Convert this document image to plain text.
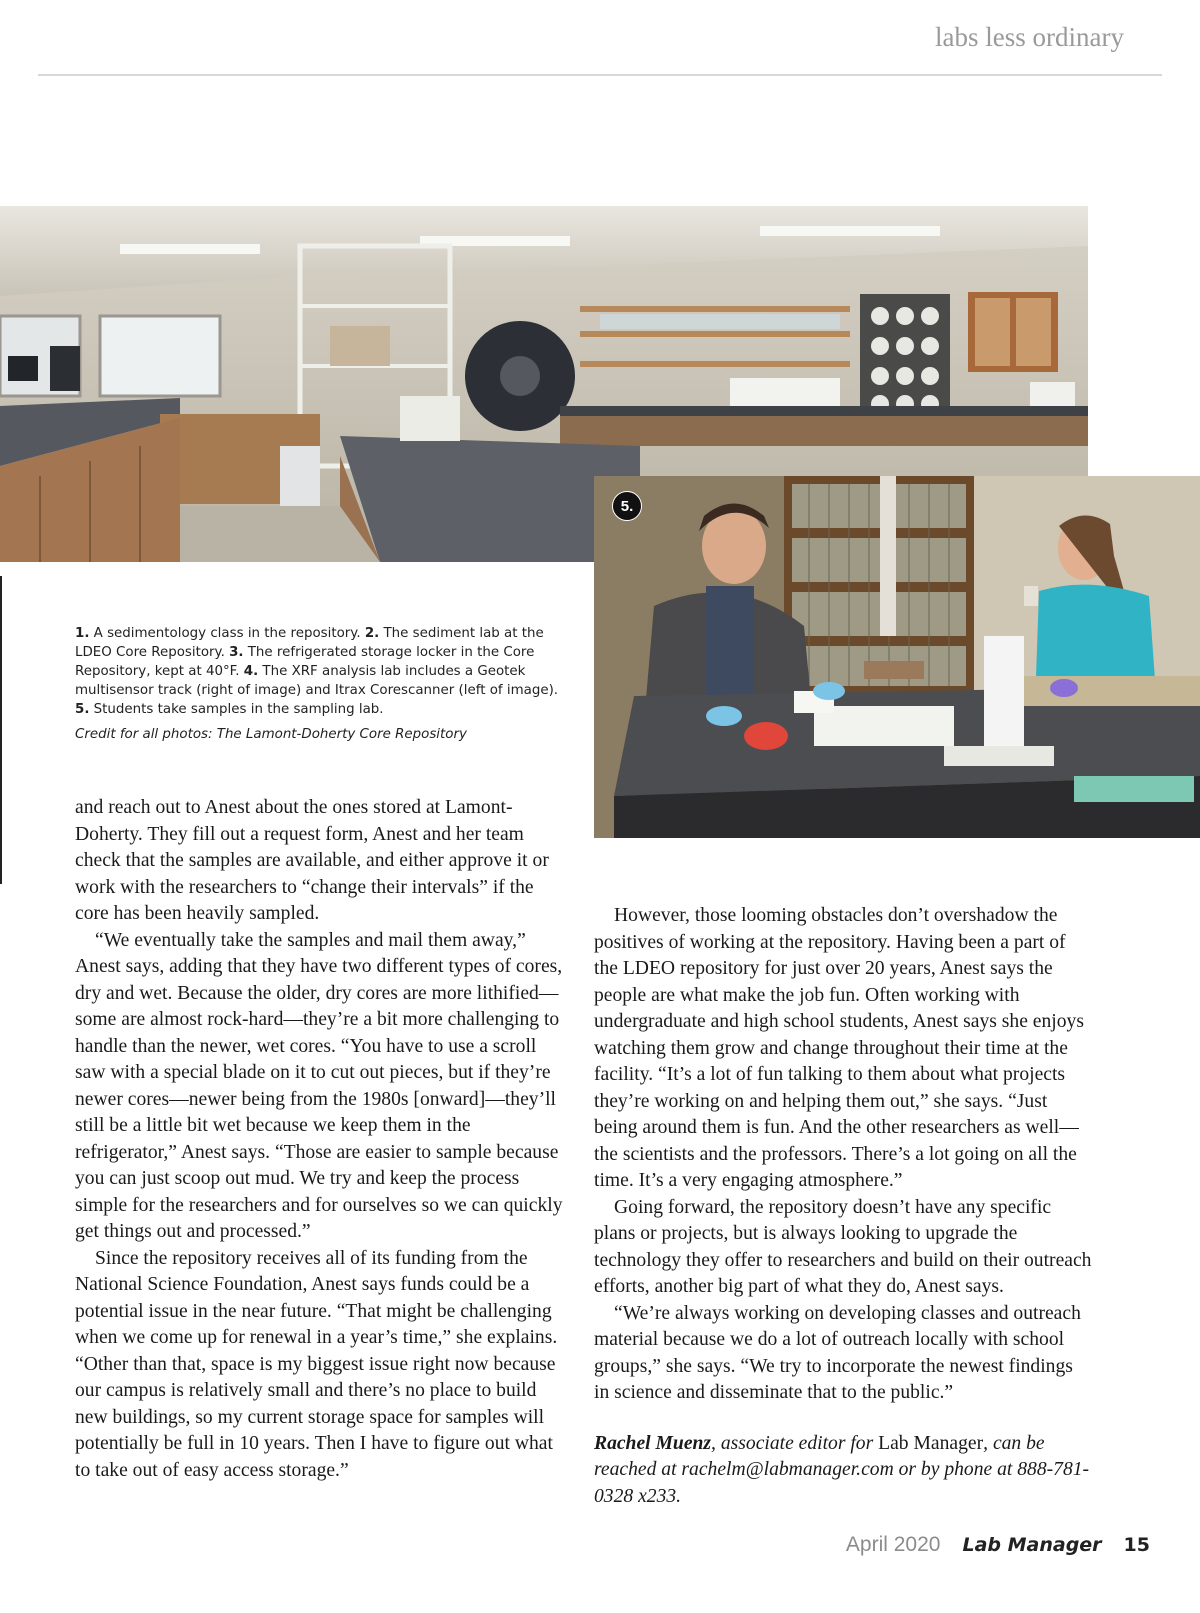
labs less ordinary
5.
1. A sedimentology class in the repository. 2. The sediment lab at the LDEO Core Repository. 3. The refrigerated storage locker in the Core Repository, kept at 40°F. 4. The XRF analysis lab includes a Geotek multisensor track (right of image) and Itrax Corescanner (left of image). 5. Students take samples in the sampling lab.
Credit for all photos: The Lamont-Doherty Core Repository

and reach out to Anest about the ones stored at Lamont-Doherty. They fill out a request form, Anest and her team check that the samples are available, and either approve it or work with the researchers to “change their intervals” if the core has been heavily sampled.

“We eventually take the samples and mail them away,” Anest says, adding that they have two different types of cores, dry and wet. Because the older, dry cores are more lithified—some are almost rock-hard—they’re a bit more challenging to handle than the newer, wet cores. “You have to use a scroll saw with a special blade on it to cut out pieces, but if they’re newer cores—newer being from the 1980s [onward]—they’ll still be a little bit wet because we keep them in the refrigerator,” Anest says. “Those are easier to sample because you can just scoop out mud. We try and keep the process simple for the researchers and for ourselves so we can quickly get things out and processed.”

Since the repository receives all of its funding from the National Science Foundation, Anest says funds could be a potential issue in the near future. “That might be challenging when we come up for renewal in a year’s time,” she explains. “Other than that, space is my biggest issue right now because our campus is relatively small and there’s no place to build new buildings, so my current storage space for samples will potentially be full in 10 years. Then I have to figure out what to take out of easy access storage.”

However, those looming obstacles don’t overshadow the positives of working at the repository. Having been a part of the LDEO repository for just over 20 years, Anest says the people are what make the job fun. Often working with undergraduate and high school students, Anest says she enjoys watching them grow and change throughout their time at the facility. “It’s a lot of fun talking to them about what projects they’re working on and helping them out,” she says. “Just being around them is fun. And the other researchers as well—the scientists and the professors. There’s a lot going on all the time. It’s a very engaging atmosphere.”

Going forward, the repository doesn’t have any specific plans or projects, but is always looking to upgrade the technology they offer to researchers and build on their outreach efforts, another big part of what they do, Anest says.

“We’re always working on developing classes and outreach material because we do a lot of outreach locally with school groups,” she says. “We try to incorporate the newest findings in science and disseminate that to the public.”

Rachel Muenz, associate editor for Lab Manager, can be reached at rachelm@labmanager.com or by phone at 888-781-0328 x233.

April 2020 Lab Manager 15
